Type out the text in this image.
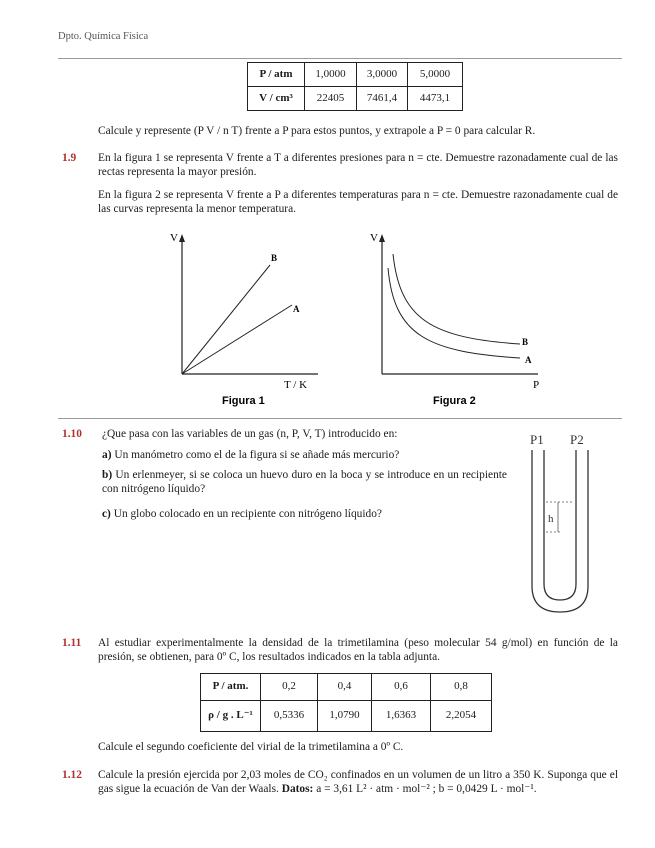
Dpto. Química Física
P / atm	1,0000	3,0000	5,0000
V / cm³	22405	7461,4	4473,1
Calcule y represente (P V / n T) frente a P para estos puntos, y extrapole a P = 0 para calcular R.
1.9 En la figura 1 se representa V frente a T a diferentes presiones para n = cte. Demuestre razonadamente cual de las rectas representa la mayor presión.
En la figura 2 se representa V frente a P a diferentes temperaturas para n = cte. Demuestre razonadamente cual de las curvas representa la menor temperatura.
V
B
A
T / K
Figura 1
V
B
A
P
Figura 2
1.10 ¿Que pasa con las variables de un gas (n, P, V, T) introducido en:
a) Un manómetro como el de la figura si se añade más mercurio?
b) Un erlenmeyer, si se coloca un huevo duro en la boca y se introduce en un recipiente con nitrógeno líquido?
c) Un globo colocado en un recipiente con nitrógeno líquido?
P1 P2
h
1.11 Al estudiar experimentalmente la densidad de la trimetilamina (peso molecular 54 g/mol) en función de la presión, se obtienen, para 0º C, los resultados indicados en la tabla adjunta.
P / atm.	0,2	0,4	0,6	0,8
ρ / g . L⁻¹	0,5336	1,0790	1,6363	2,2054
Calcule el segundo coeficiente del virial de la trimetilamina a 0º C.
1.12 Calcule la presión ejercida por 2,03 moles de CO₂ confinados en un volumen de un litro a 350 K. Suponga que el gas sigue la ecuación de Van der Waals. Datos: a = 3,61 L² · atm · mol⁻² ; b = 0,0429 L · mol⁻¹.
